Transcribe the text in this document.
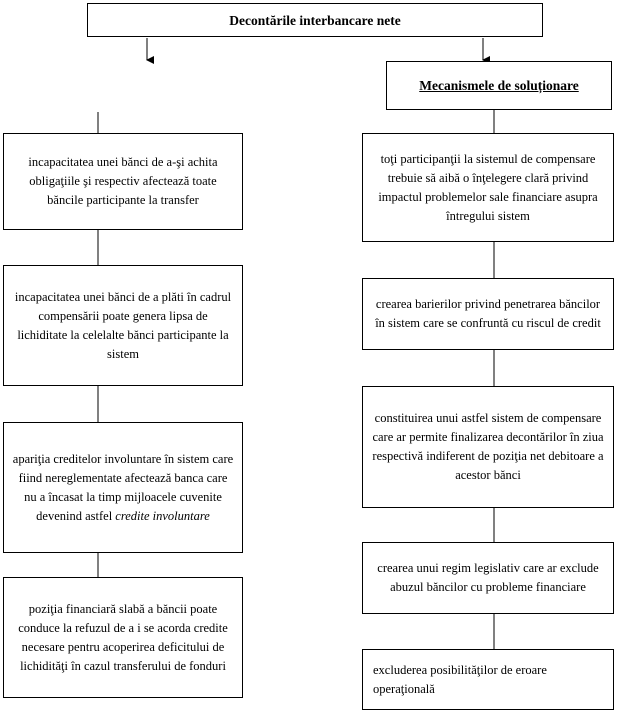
Decontările interbancare nete
Mecanismele de soluționare
incapacitatea unei bănci de a-şi achita obligaţiile şi respectiv afectează toate băncile participante la transfer
incapacitatea unei bănci de a plăti în cadrul compensării poate genera lipsa de lichiditate la celelalte bănci participante la sistem
apariţia creditelor involuntare în sistem care fiind nereglementate afectează banca care nu a încasat la timp mijloacele cuvenite devenind astfel credite involuntare
poziţia financiară slabă a băncii poate conduce la refuzul de a i se acorda credite necesare pentru acoperirea deficitului de lichidităţi în cazul transferului de fonduri
toţi participanţii la sistemul de compensare trebuie să aibă o înţelegere clară privind impactul problemelor sale financiare asupra întregului sistem
crearea barierilor privind penetrarea băncilor în sistem care se confruntă cu riscul de credit
constituirea unui astfel sistem de compensare care ar permite finalizarea decontărilor în ziua respectivă indiferent de poziţia net debitoare a acestor bănci
crearea unui regim legislativ care ar exclude abuzul băncilor cu probleme financiare
excluderea posibilităţilor de eroare operaţională
